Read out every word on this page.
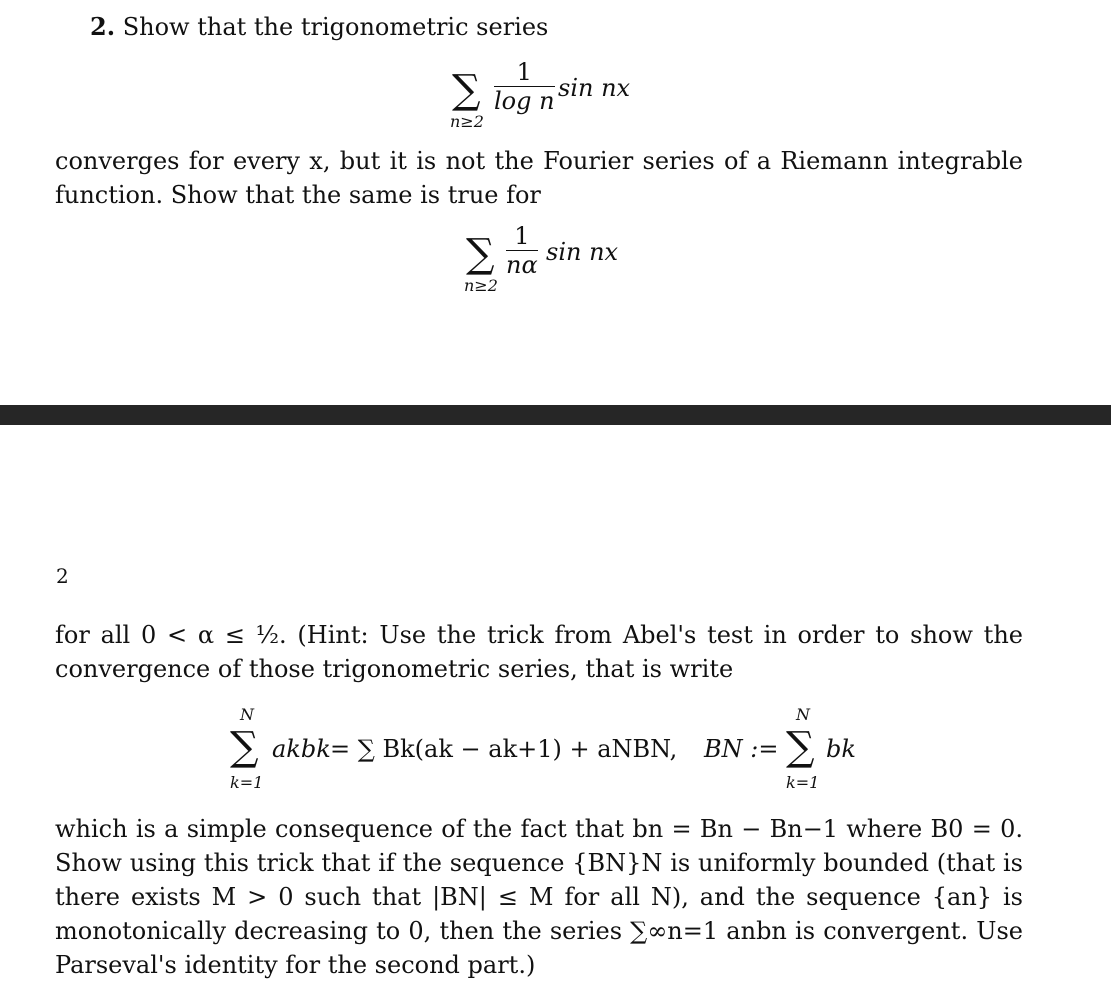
2. Show that the trigonometric series
∑
n≥2
$\frac{1}{\text{log n}}$ sin nx
converges for every x, but it is not the Fourier series of a Riemann integrable function. Show that the same is true for
∑
n≥2
$\frac{1}{n\alpha}$ sin nx
2
for all 0 < α ≤ ½. (Hint: Use the trick from Abel's test in order to show the convergence of those trigonometric series, that is write
N
∑
k=1
akbk = ∑ Bk(ak − ak+1) + aNBN, BN :=
N
∑
k=1
bk
which is a simple consequence of the fact that bn = Bn − Bn−1 where B0 = 0. Show using this trick that if the sequence {BN}N is uniformly bounded (that is there exists M > 0 such that |BN| ≤ M for all N), and the sequence {an} is monotonically decreasing to 0, then the series ∑∞n=1 anbn is convergent. Use Parseval's identity for the second part.)
